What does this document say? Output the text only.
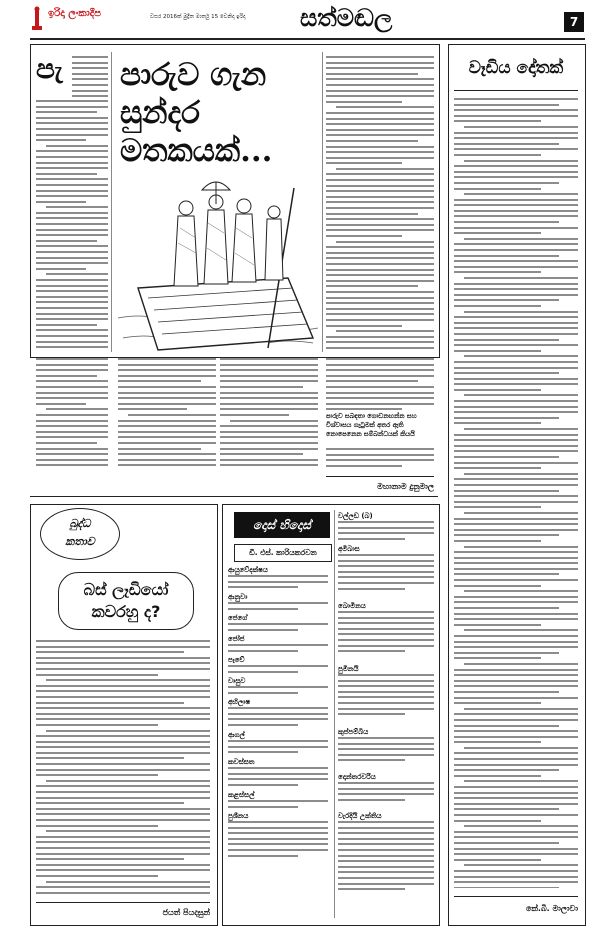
ඉරිදා ලංකාදීප	වසර 2016ක් මුද්‍රිත මාර්තු 15 වෙනිදා ඉරිදා සත්මඬල	7
පැ පාරුව ගැන
සුන්දර
මතකයක්...
පාරුව සබඳතා ගොඩනඟන්න සහ විශ්වාසය ගැටුමක් අතර ඇති නොපෙනෙන සම්බන්ධයක් කියයි
මහානාම දුනුමාල
වෑඩිය දෝතක්
කේ.බී. මාලාවා
බුද්ධ
කතාව
බස් ලෑඩියෝ කවරහු ද?
ජයත් පියදසුන්
දොස් හිදොස්
ඩී. එස්. කාරියකරවන
ආයුවේදක්ෂය
ආනුවා
ජෙගේ
ජෝජ
පෑචේ
වාසුව
අභිලාෂ
ආගල්
කවස්සත
කළස්සල්
පුශීනය
වල්ලඩ (බ)
අමීබාස
බොමීනය
පුමිනයි
කුප්පම්බීය
දොන්තරවරිය
වැරදියි උක්තිය
